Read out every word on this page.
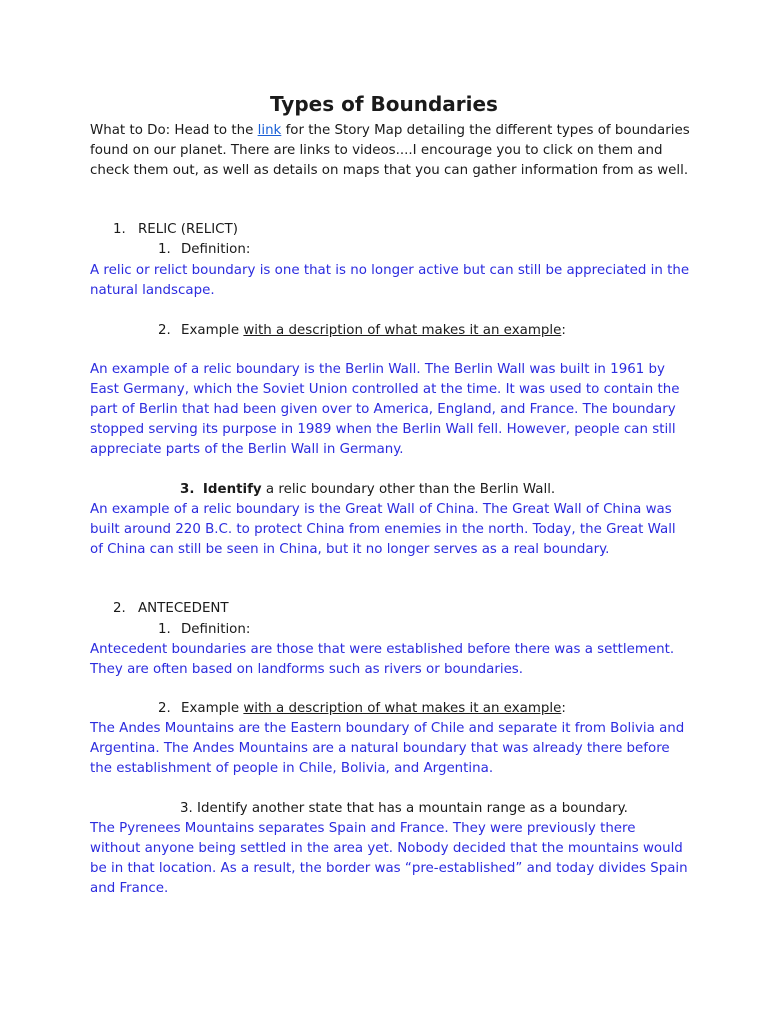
Types of Boundaries

What to Do: Head to the link for the Story Map detailing the different types of boundaries found on our planet. There are links to videos....I encourage you to click on them and check them out, as well as details on maps that you can gather information from as well.

1. RELIC (RELICT)
1. Definition:

A relic or relict boundary is one that is no longer active but can still be appreciated in the natural landscape.

2. Example with a description of what makes it an example:

An example of a relic boundary is the Berlin Wall. The Berlin Wall was built in 1961 by East Germany, which the Soviet Union controlled at the time. It was used to contain the part of Berlin that had been given over to America, England, and France. The boundary stopped serving its purpose in 1989 when the Berlin Wall fell. However, people can still appreciate parts of the Berlin Wall in Germany.

3. Identify a relic boundary other than the Berlin Wall.

An example of a relic boundary is the Great Wall of China. The Great Wall of China was built around 220 B.C. to protect China from enemies in the north. Today, the Great Wall of China can still be seen in China, but it no longer serves as a real boundary.

2. ANTECEDENT
1. Definition:

Antecedent boundaries are those that were established before there was a settlement. They are often based on landforms such as rivers or boundaries.

2. Example with a description of what makes it an example:

The Andes Mountains are the Eastern boundary of Chile and separate it from Bolivia and Argentina. The Andes Mountains are a natural boundary that was already there before the establishment of people in Chile, Bolivia, and Argentina.

3. Identify another state that has a mountain range as a boundary.

The Pyrenees Mountains separates Spain and France. They were previously there without anyone being settled in the area yet. Nobody decided that the mountains would be in that location. As a result, the border was “pre-established” and today divides Spain and France.
